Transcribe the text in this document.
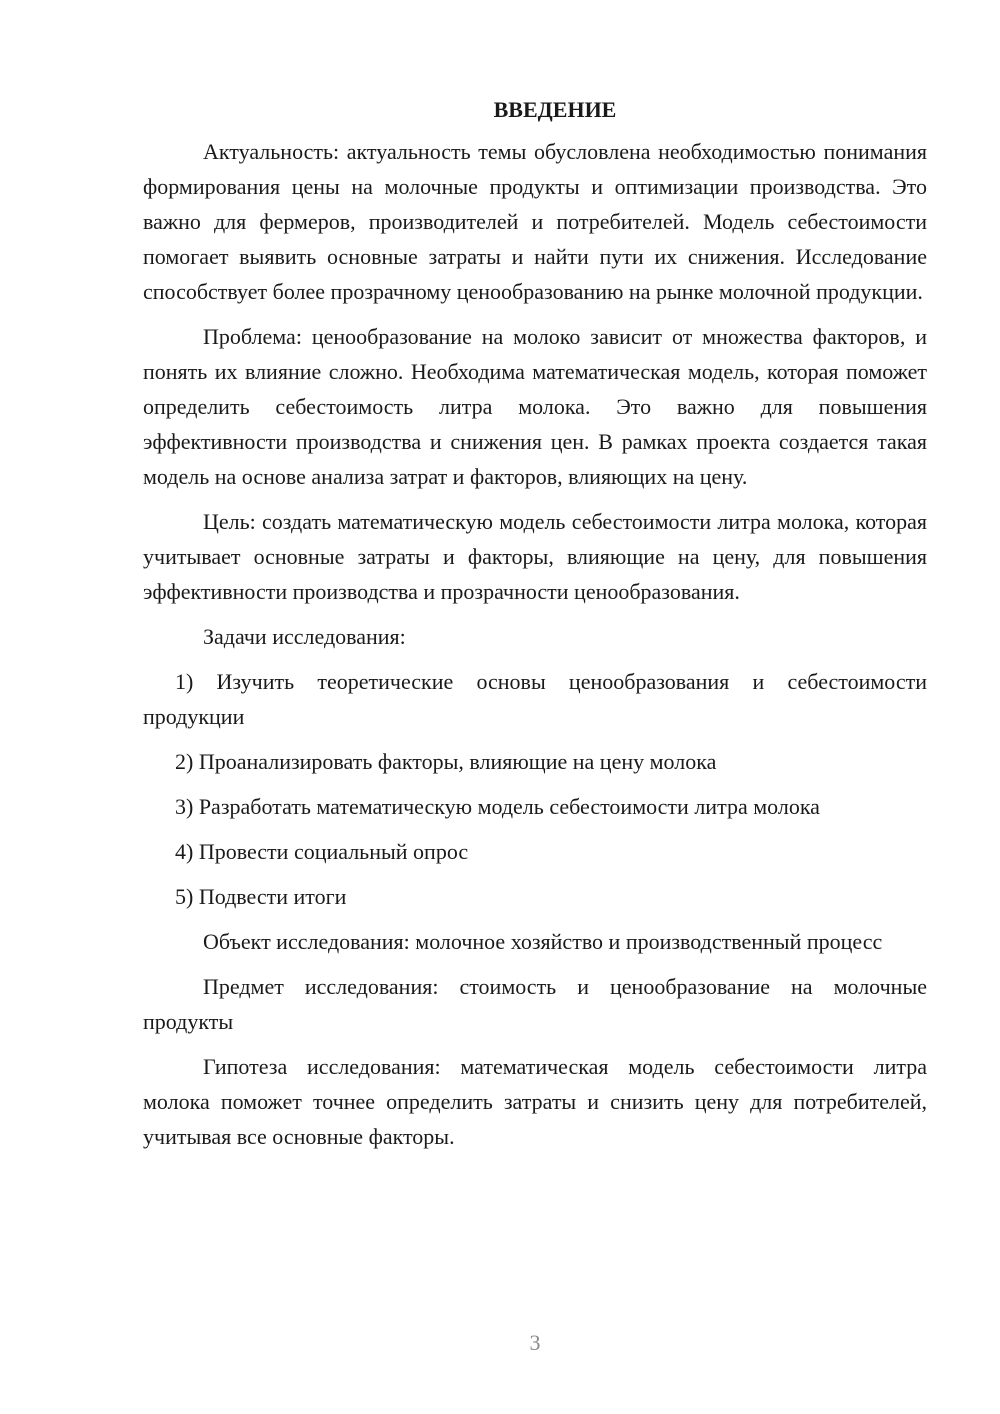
ВВЕДЕНИЕ

Актуальность: актуальность темы обусловлена необходимостью понимания формирования цены на молочные продукты и оптимизации производства. Это важно для фермеров, производителей и потребителей. Модель себестоимости помогает выявить основные затраты и найти пути их снижения. Исследование способствует более прозрачному ценообразованию на рынке молочной продукции.

Проблема: ценообразование на молоко зависит от множества факторов, и понять их влияние сложно. Необходима математическая модель, которая поможет определить себестоимость литра молока. Это важно для повышения эффективности производства и снижения цен. В рамках проекта создается такая модель на основе анализа затрат и факторов, влияющих на цену.

Цель: создать математическую модель себестоимости литра молока, которая учитывает основные затраты и факторы, влияющие на цену, для повышения эффективности производства и прозрачности ценообразования.

Задачи исследования:

1) Изучить теоретические основы ценообразования и себестоимости продукции

2) Проанализировать факторы, влияющие на цену молока

3) Разработать математическую модель себестоимости литра молока

4) Провести социальный опрос

5) Подвести итоги

Объект исследования: молочное хозяйство и производственный процесс

Предмет исследования: стоимость и ценообразование на молочные продукты

Гипотеза исследования: математическая модель себестоимости литра молока поможет точнее определить затраты и снизить цену для потребителей, учитывая все основные факторы.

3
